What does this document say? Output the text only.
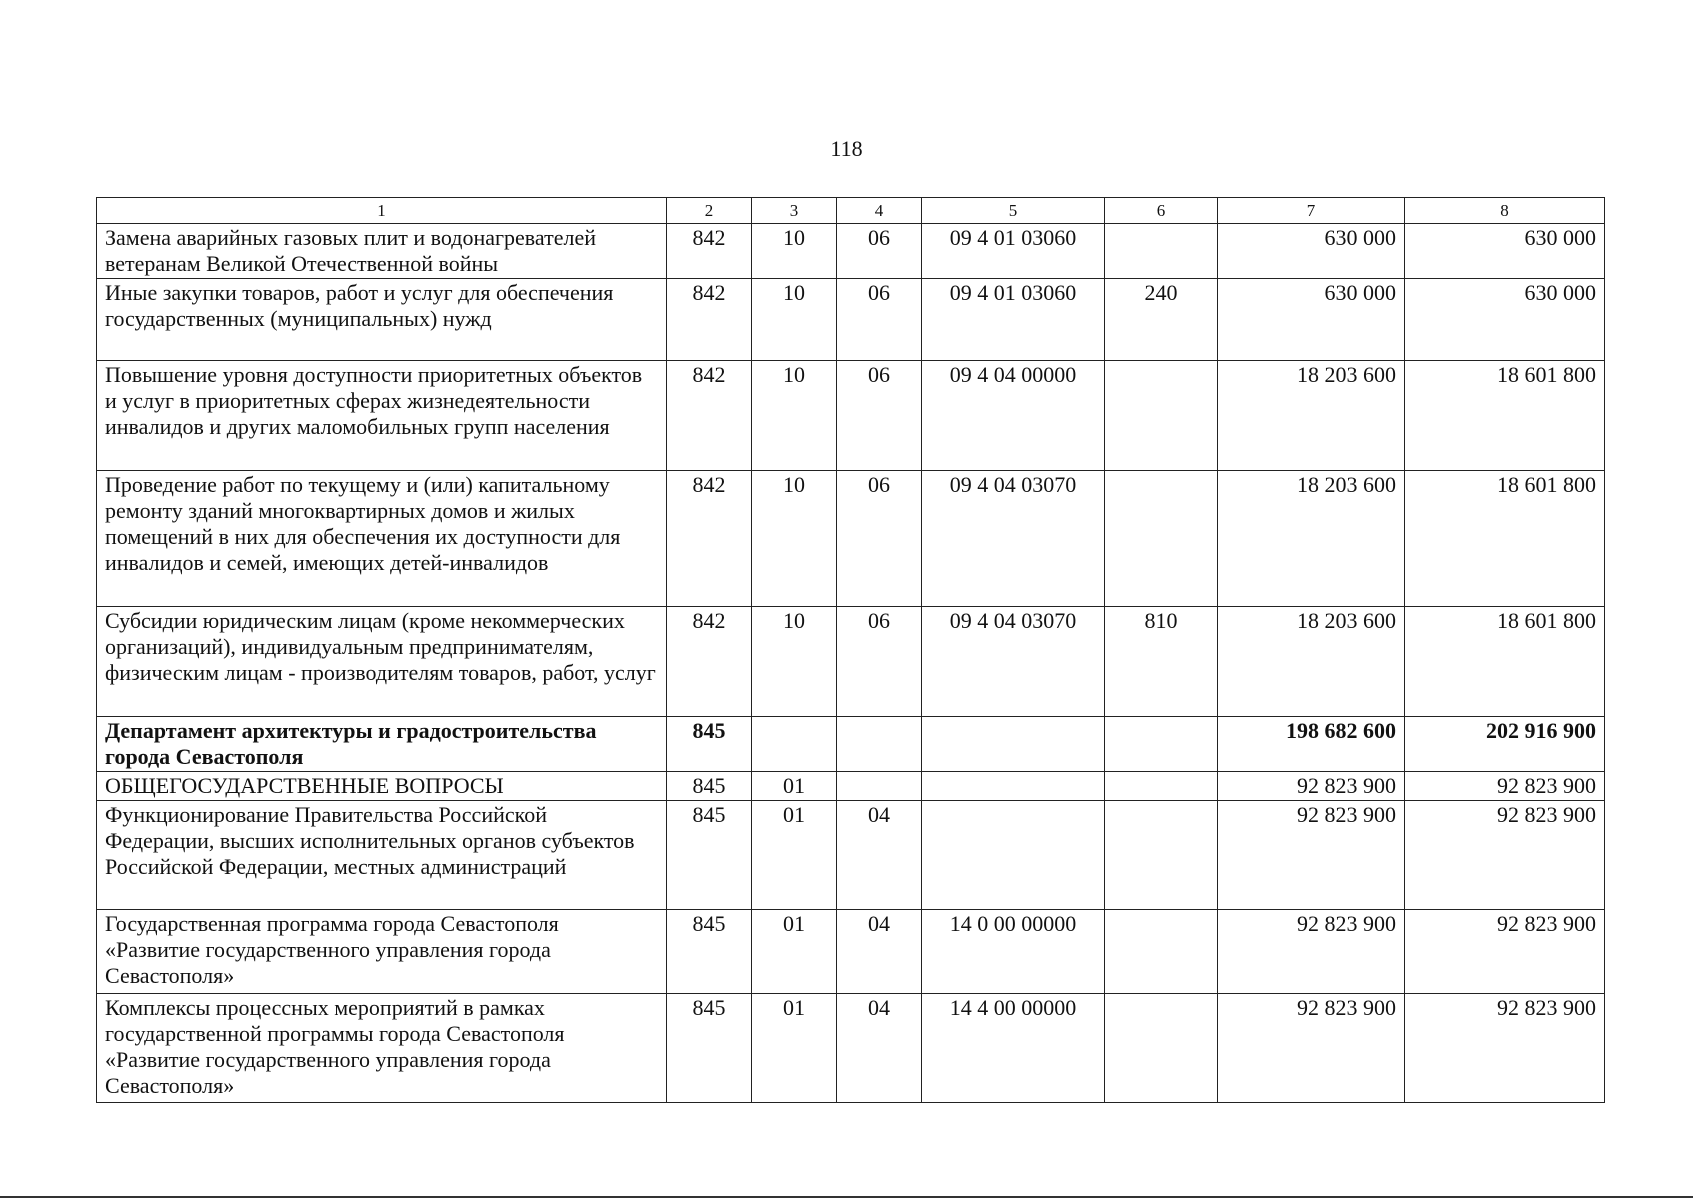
118
1	2	3	4	5	6	7	8
Замена аварийных газовых плит и водонагревателей ветеранам Великой Отечественной войны	842	10	06	09 4 01 03060		630 000	630 000
Иные закупки товаров, работ и услуг для обеспечения государственных (муниципальных) нужд	842	10	06	09 4 01 03060	240	630 000	630 000
Повышение уровня доступности приоритетных объектов и услуг в приоритетных сферах жизнедеятельности инвалидов и других маломобильных групп населения	842	10	06	09 4 04 00000		18 203 600	18 601 800
Проведение работ по текущему и (или) капитальному ремонту зданий многоквартирных домов и жилых помещений в них для обеспечения их доступности для инвалидов и семей, имеющих детей-инвалидов	842	10	06	09 4 04 03070		18 203 600	18 601 800
Субсидии юридическим лицам (кроме некоммерческих организаций), индивидуальным предпринимателям, физическим лицам - производителям товаров, работ, услуг	842	10	06	09 4 04 03070	810	18 203 600	18 601 800
Департамент архитектуры и градостроительства города Севастополя	845					198 682 600	202 916 900
ОБЩЕГОСУДАРСТВЕННЫЕ ВОПРОСЫ	845	01				92 823 900	92 823 900
Функционирование Правительства Российской Федерации, высших исполнительных органов субъектов Российской Федерации, местных администраций	845	01	04			92 823 900	92 823 900
Государственная программа города Севастополя «Развитие государственного управления города Севастополя»	845	01	04	14 0 00 00000		92 823 900	92 823 900
Комплексы процессных мероприятий в рамках государственной программы города Севастополя «Развитие государственного управления города Севастополя»	845	01	04	14 4 00 00000		92 823 900	92 823 900
